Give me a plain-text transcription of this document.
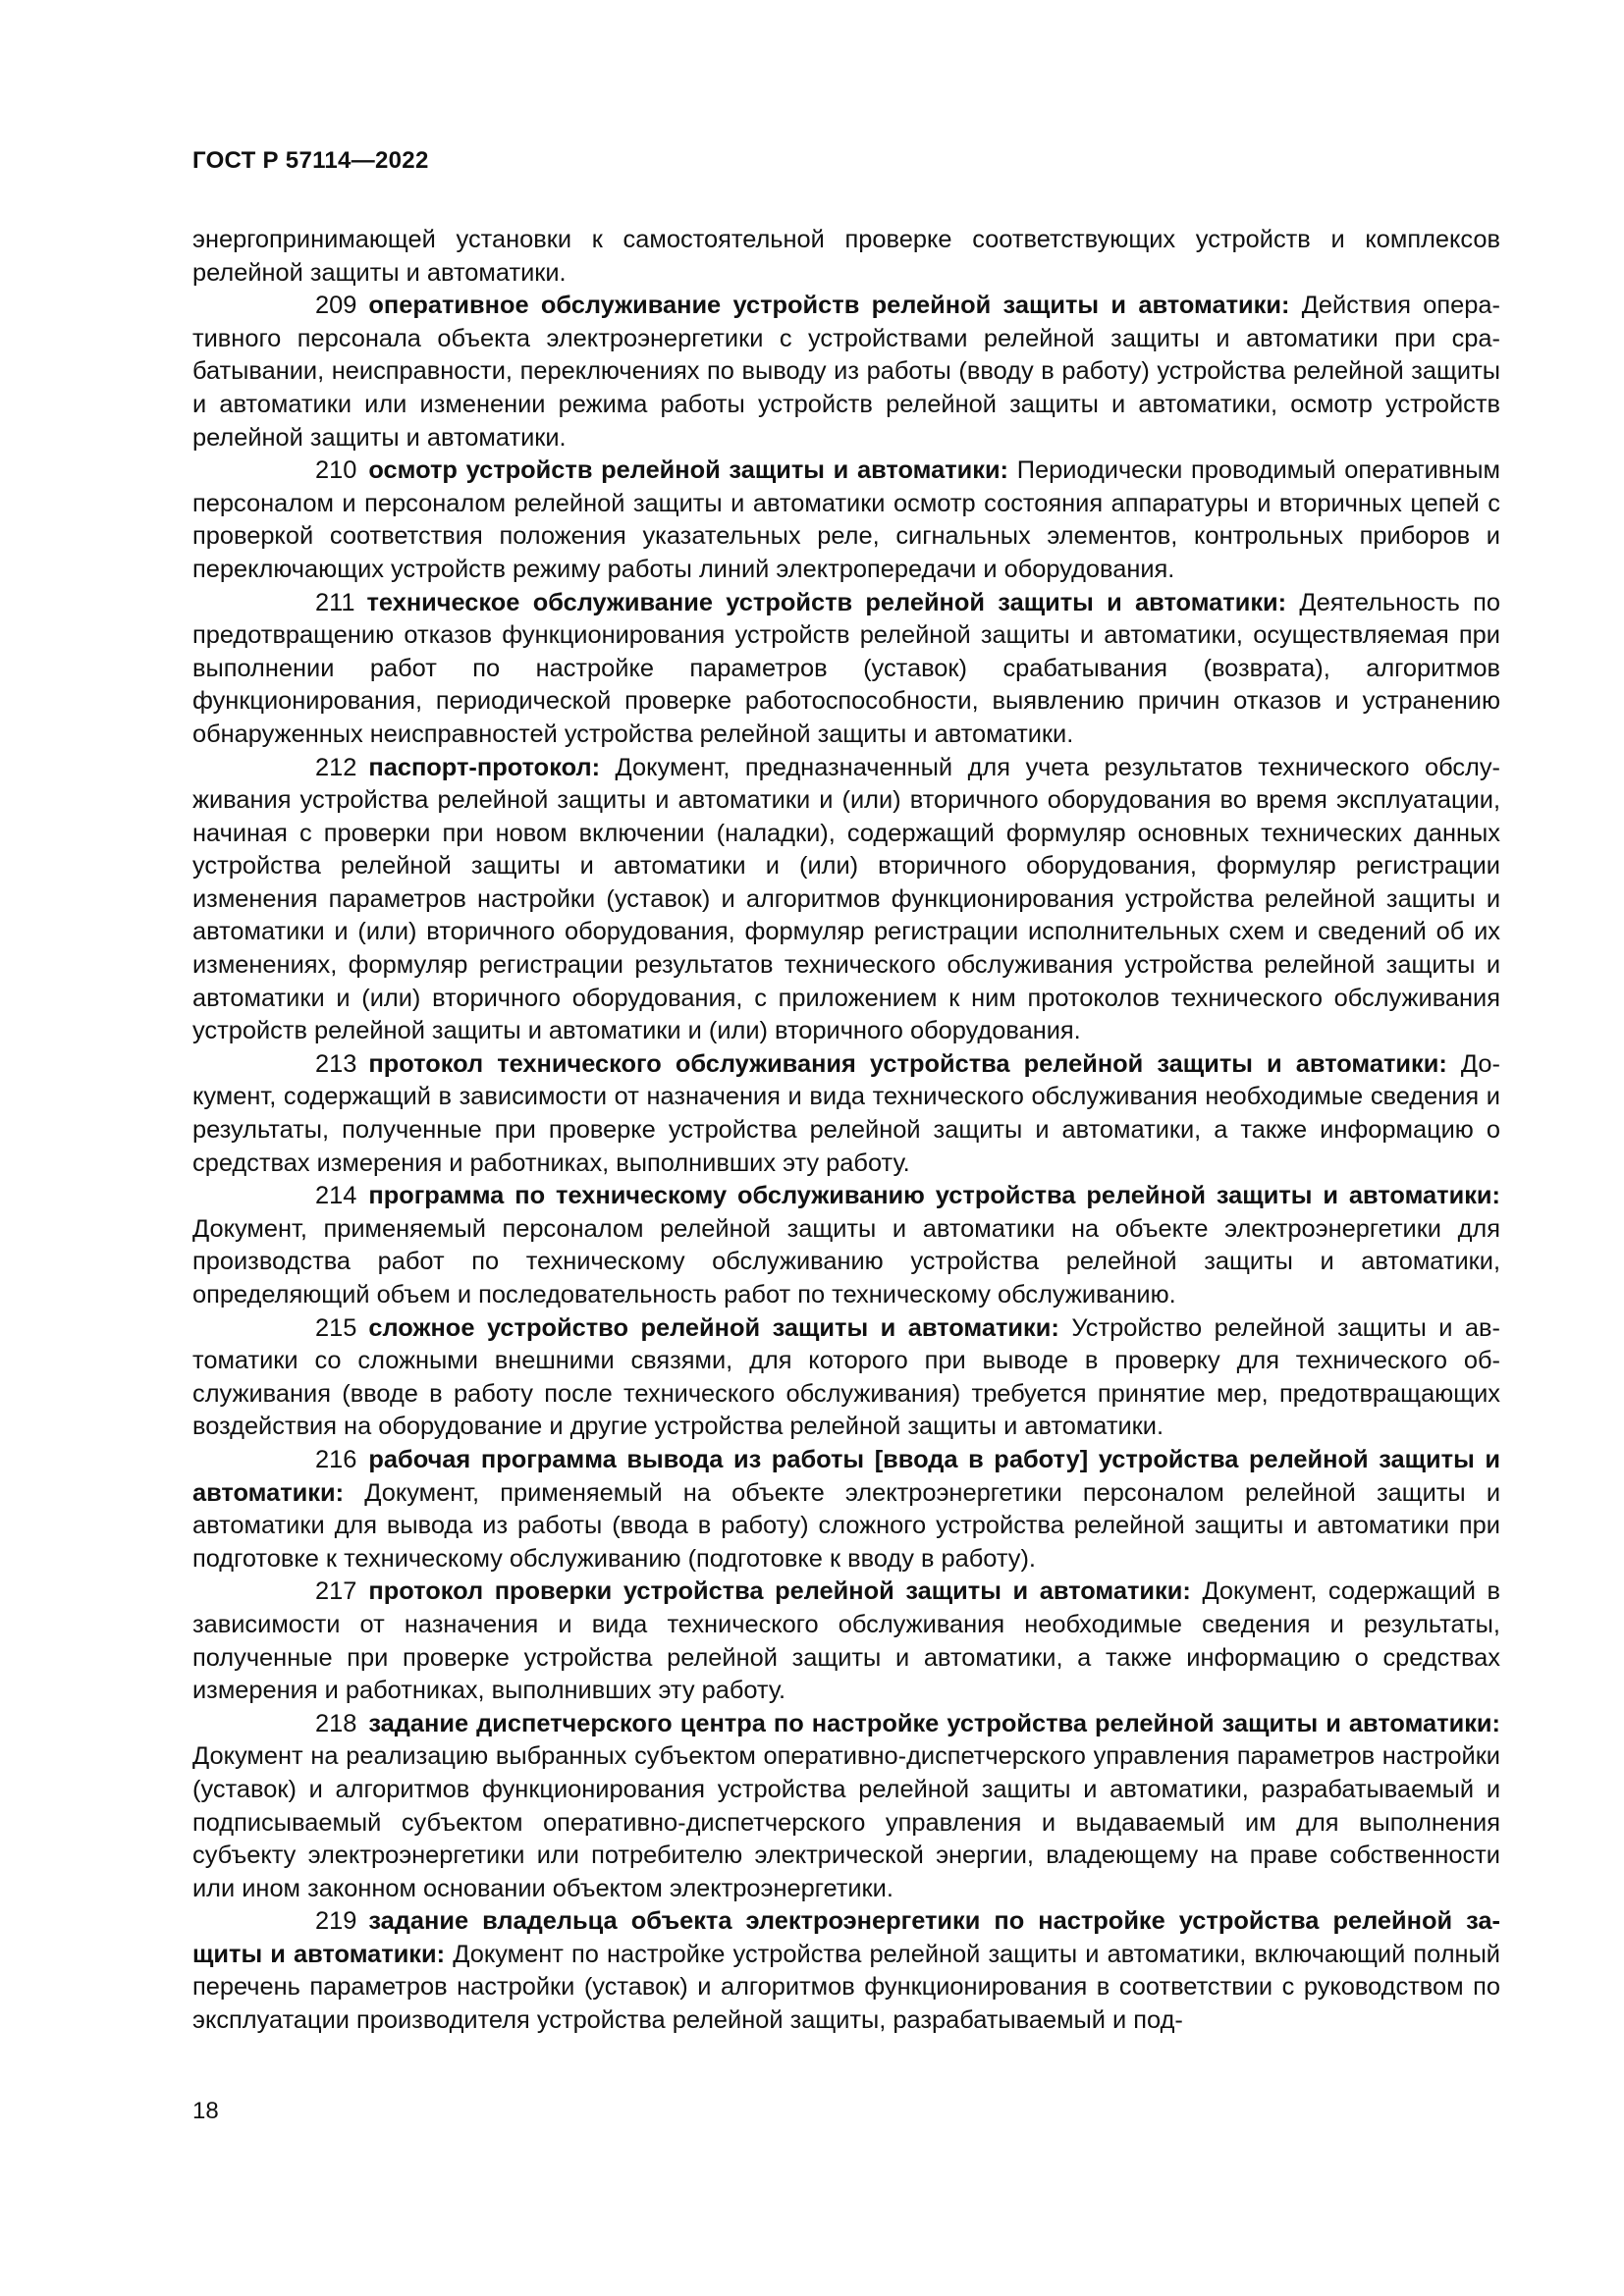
ГОСТ Р 57114—2022

энергопринимающей установки к самостоятельной проверке соответствующих устройств и комплексов релейной защиты и автоматики.

209 оперативное обслуживание устройств релейной защиты и автоматики: Действия оперативного персонала объекта электроэнергетики с устройствами релейной защиты и автоматики при срабатывании, неисправности, переключениях по выводу из работы (вводу в работу) устройства релейной защиты и автоматики или изменении режима работы устройств релейной защиты и автоматики, осмотр устройств релейной защиты и автоматики.

210 осмотр устройств релейной защиты и автоматики: Периодически проводимый оперативным персоналом и персоналом релейной защиты и автоматики осмотр состояния аппаратуры и вторичных цепей с проверкой соответствия положения указательных реле, сигнальных элементов, контрольных приборов и переключающих устройств режиму работы линий электропередачи и оборудования.

211 техническое обслуживание устройств релейной защиты и автоматики: Деятельность по предотвращению отказов функционирования устройств релейной защиты и автоматики, осуществляемая при выполнении работ по настройке параметров (уставок) срабатывания (возврата), алгоритмов функционирования, периодической проверке работоспособности, выявлению причин отказов и устранению обнаруженных неисправностей устройства релейной защиты и автоматики.

212 паспорт-протокол: Документ, предназначенный для учета результатов технического обслуживания устройства релейной защиты и автоматики и (или) вторичного оборудования во время эксплуатации, начиная с проверки при новом включении (наладки), содержащий формуляр основных технических данных устройства релейной защиты и автоматики и (или) вторичного оборудования, формуляр регистрации изменения параметров настройки (уставок) и алгоритмов функционирования устройства релейной защиты и автоматики и (или) вторичного оборудования, формуляр регистрации исполнительных схем и сведений об их изменениях, формуляр регистрации результатов технического обслуживания устройства релейной защиты и автоматики и (или) вторичного оборудования, с приложением к ним протоколов технического обслуживания устройств релейной защиты и автоматики и (или) вторичного оборудования.

213 протокол технического обслуживания устройства релейной защиты и автоматики: Документ, содержащий в зависимости от назначения и вида технического обслуживания необходимые сведения и результаты, полученные при проверке устройства релейной защиты и автоматики, а также информацию о средствах измерения и работниках, выполнивших эту работу.

214 программа по техническому обслуживанию устройства релейной защиты и автоматики: Документ, применяемый персоналом релейной защиты и автоматики на объекте электроэнергетики для производства работ по техническому обслуживанию устройства релейной защиты и автоматики, определяющий объем и последовательность работ по техническому обслуживанию.

215 сложное устройство релейной защиты и автоматики: Устройство релейной защиты и автоматики со сложными внешними связями, для которого при выводе в проверку для технического обслуживания (вводе в работу после технического обслуживания) требуется принятие мер, предотвращающих воздействия на оборудование и другие устройства релейной защиты и автоматики.

216 рабочая программа вывода из работы [ввода в работу] устройства релейной защиты и автоматики: Документ, применяемый на объекте электроэнергетики персоналом релейной защиты и автоматики для вывода из работы (ввода в работу) сложного устройства релейной защиты и автоматики при подготовке к техническому обслуживанию (подготовке к вводу в работу).

217 протокол проверки устройства релейной защиты и автоматики: Документ, содержащий в зависимости от назначения и вида технического обслуживания необходимые сведения и результаты, полученные при проверке устройства релейной защиты и автоматики, а также информацию о средствах измерения и работниках, выполнивших эту работу.

218 задание диспетчерского центра по настройке устройства релейной защиты и автоматики: Документ на реализацию выбранных субъектом оперативно-диспетчерского управления параметров настройки (уставок) и алгоритмов функционирования устройства релейной защиты и автоматики, разрабатываемый и подписываемый субъектом оперативно-диспетчерского управления и выдаваемый им для выполнения субъекту электроэнергетики или потребителю электрической энергии, владеющему на праве собственности или ином законном основании объектом электроэнергетики.

219 задание владельца объекта электроэнергетики по настройке устройства релейной защиты и автоматики: Документ по настройке устройства релейной защиты и автоматики, включающий полный перечень параметров настройки (уставок) и алгоритмов функционирования в соответствии с руководством по эксплуатации производителя устройства релейной защиты, разрабатываемый и под-

18
